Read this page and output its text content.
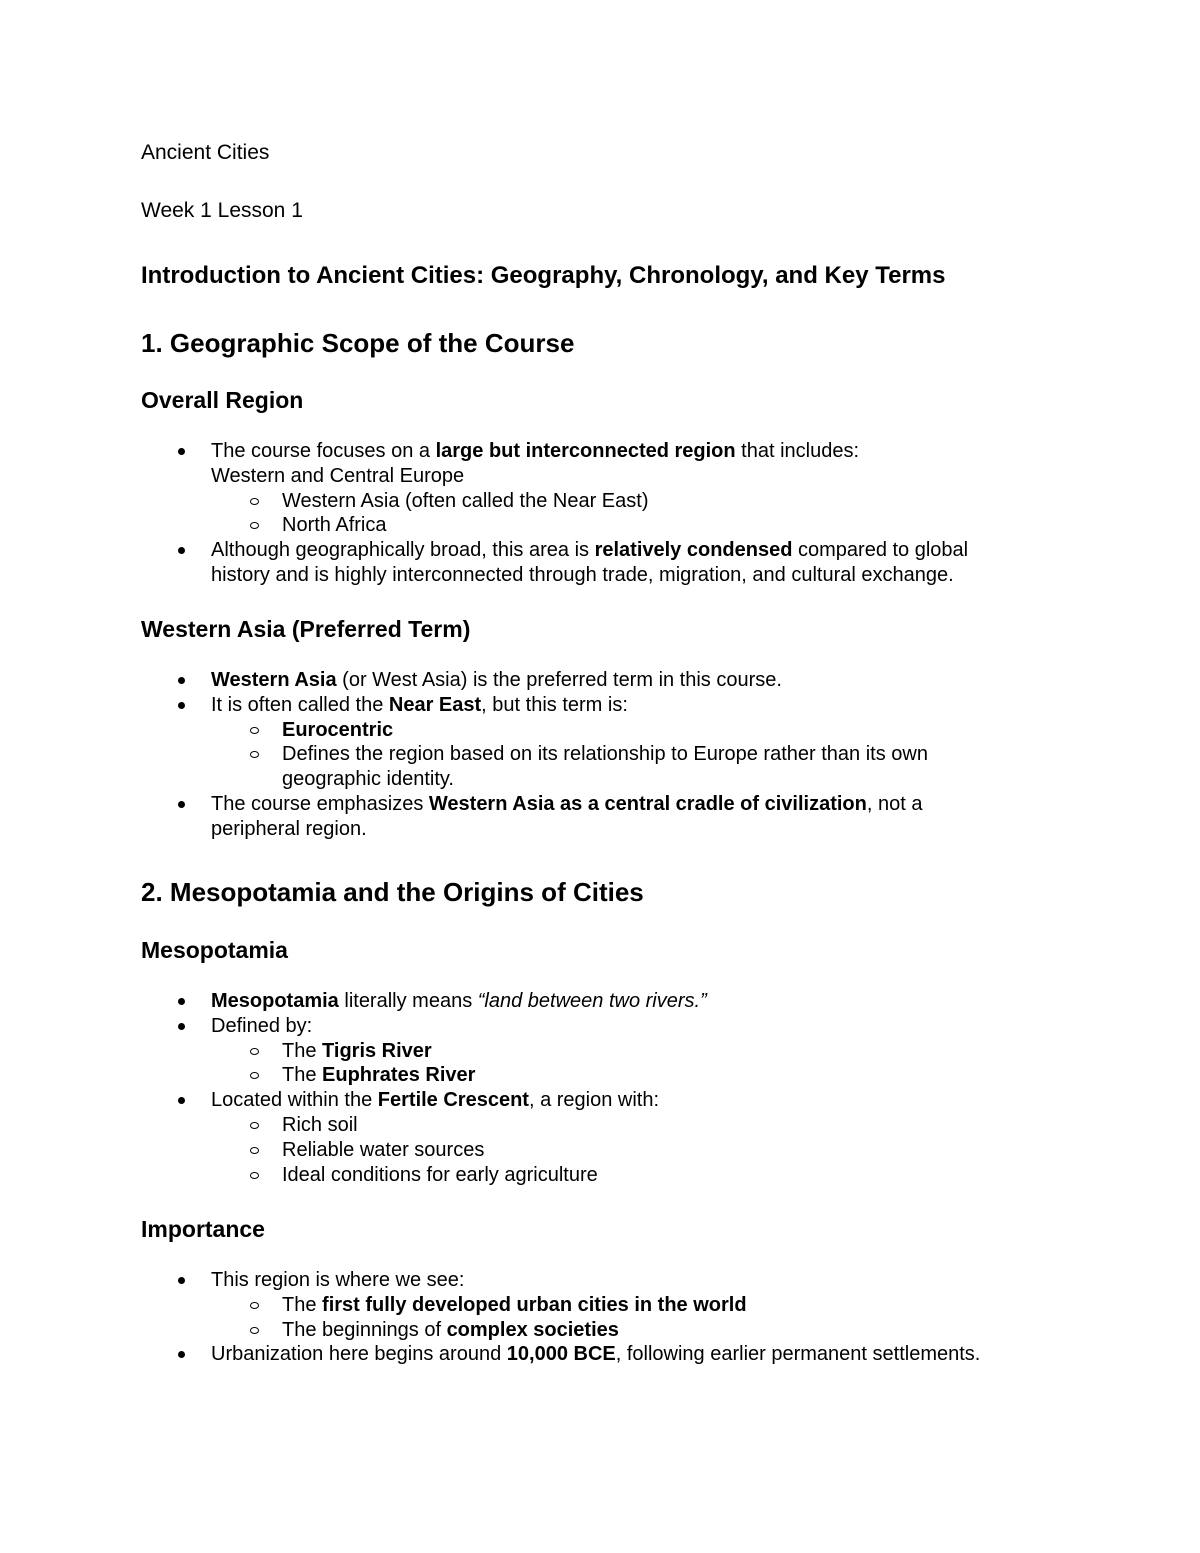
Ancient Cities
Week 1 Lesson 1
Introduction to Ancient Cities: Geography, Chronology, and Key Terms
1. Geographic Scope of the Course
Overall Region
The course focuses on a large but interconnected region that includes:
Western and Central Europe
Western Asia (often called the Near East)
North Africa
Although geographically broad, this area is relatively condensed compared to global
history and is highly interconnected through trade, migration, and cultural exchange.
Western Asia (Preferred Term)
Western Asia (or West Asia) is the preferred term in this course.
It is often called the Near East, but this term is:
Eurocentric
Defines the region based on its relationship to Europe rather than its own
geographic identity.
The course emphasizes Western Asia as a central cradle of civilization, not a
peripheral region.
2. Mesopotamia and the Origins of Cities
Mesopotamia
Mesopotamia literally means “land between two rivers.”
Defined by:
The Tigris River
The Euphrates River
Located within the Fertile Crescent, a region with:
Rich soil
Reliable water sources
Ideal conditions for early agriculture
Importance
This region is where we see:
The first fully developed urban cities in the world
The beginnings of complex societies
Urbanization here begins around 10,000 BCE, following earlier permanent settlements.
